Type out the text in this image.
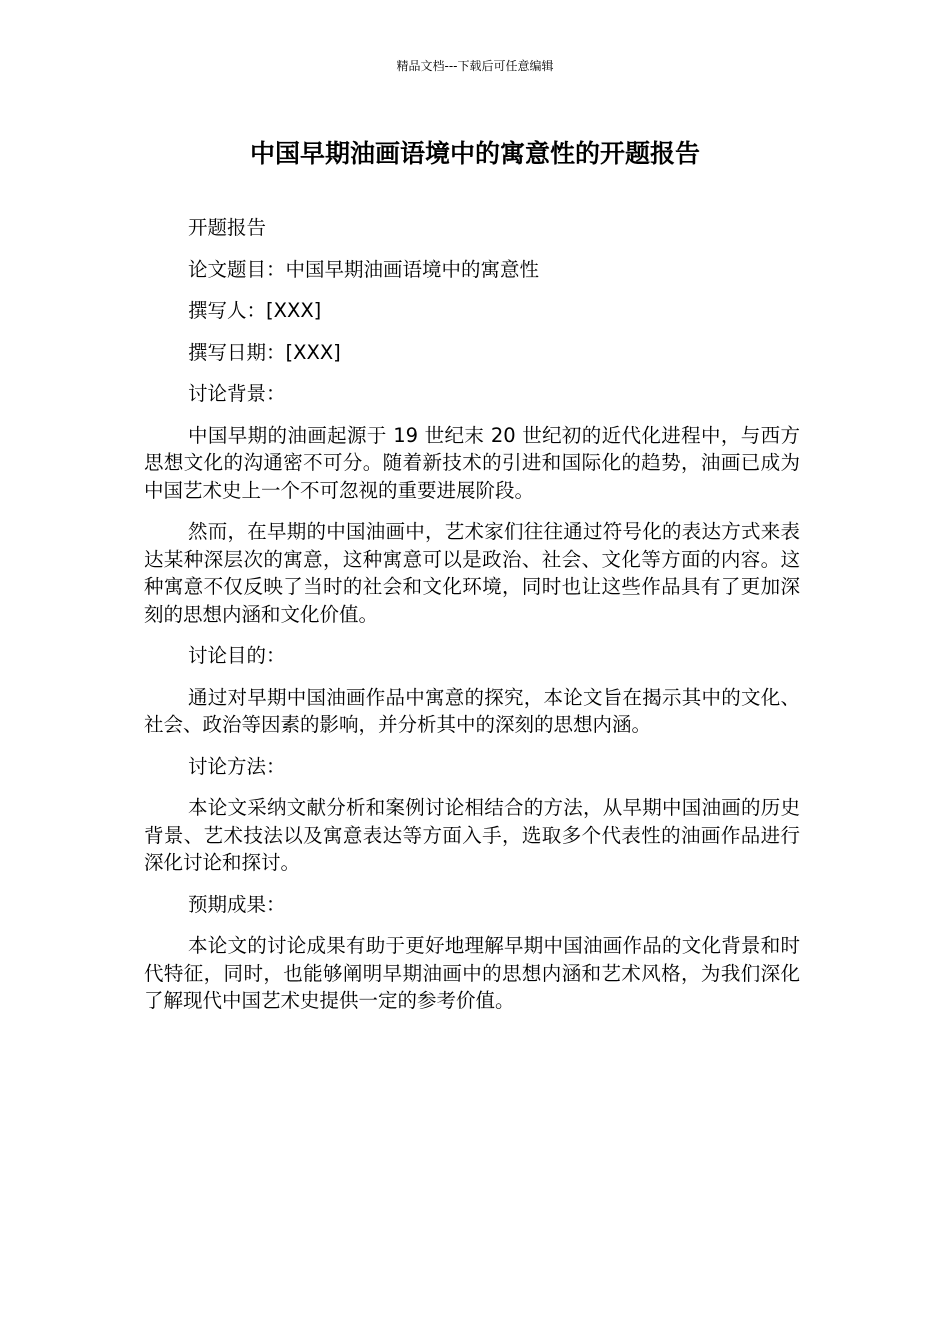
精品文档---下载后可任意编辑
中国早期油画语境中的寓意性的开题报告

开题报告

论文题目：中国早期油画语境中的寓意性

撰写人：[XXX]

撰写日期：[XXX]

讨论背景：

中国早期的油画起源于 19 世纪末 20 世纪初的近代化进程中，与西方思想文化的沟通密不可分。随着新技术的引进和国际化的趋势，油画已成为中国艺术史上一个不可忽视的重要进展阶段。

然而，在早期的中国油画中，艺术家们往往通过符号化的表达方式来表达某种深层次的寓意，这种寓意可以是政治、社会、文化等方面的内容。这种寓意不仅反映了当时的社会和文化环境，同时也让这些作品具有了更加深刻的思想内涵和文化价值。

讨论目的：

通过对早期中国油画作品中寓意的探究，本论文旨在揭示其中的文化、社会、政治等因素的影响，并分析其中的深刻的思想内涵。

讨论方法：

本论文采纳文献分析和案例讨论相结合的方法，从早期中国油画的历史背景、艺术技法以及寓意表达等方面入手，选取多个代表性的油画作品进行深化讨论和探讨。

预期成果：

本论文的讨论成果有助于更好地理解早期中国油画作品的文化背景和时代特征，同时，也能够阐明早期油画中的思想内涵和艺术风格，为我们深化了解现代中国艺术史提供一定的参考价值。
